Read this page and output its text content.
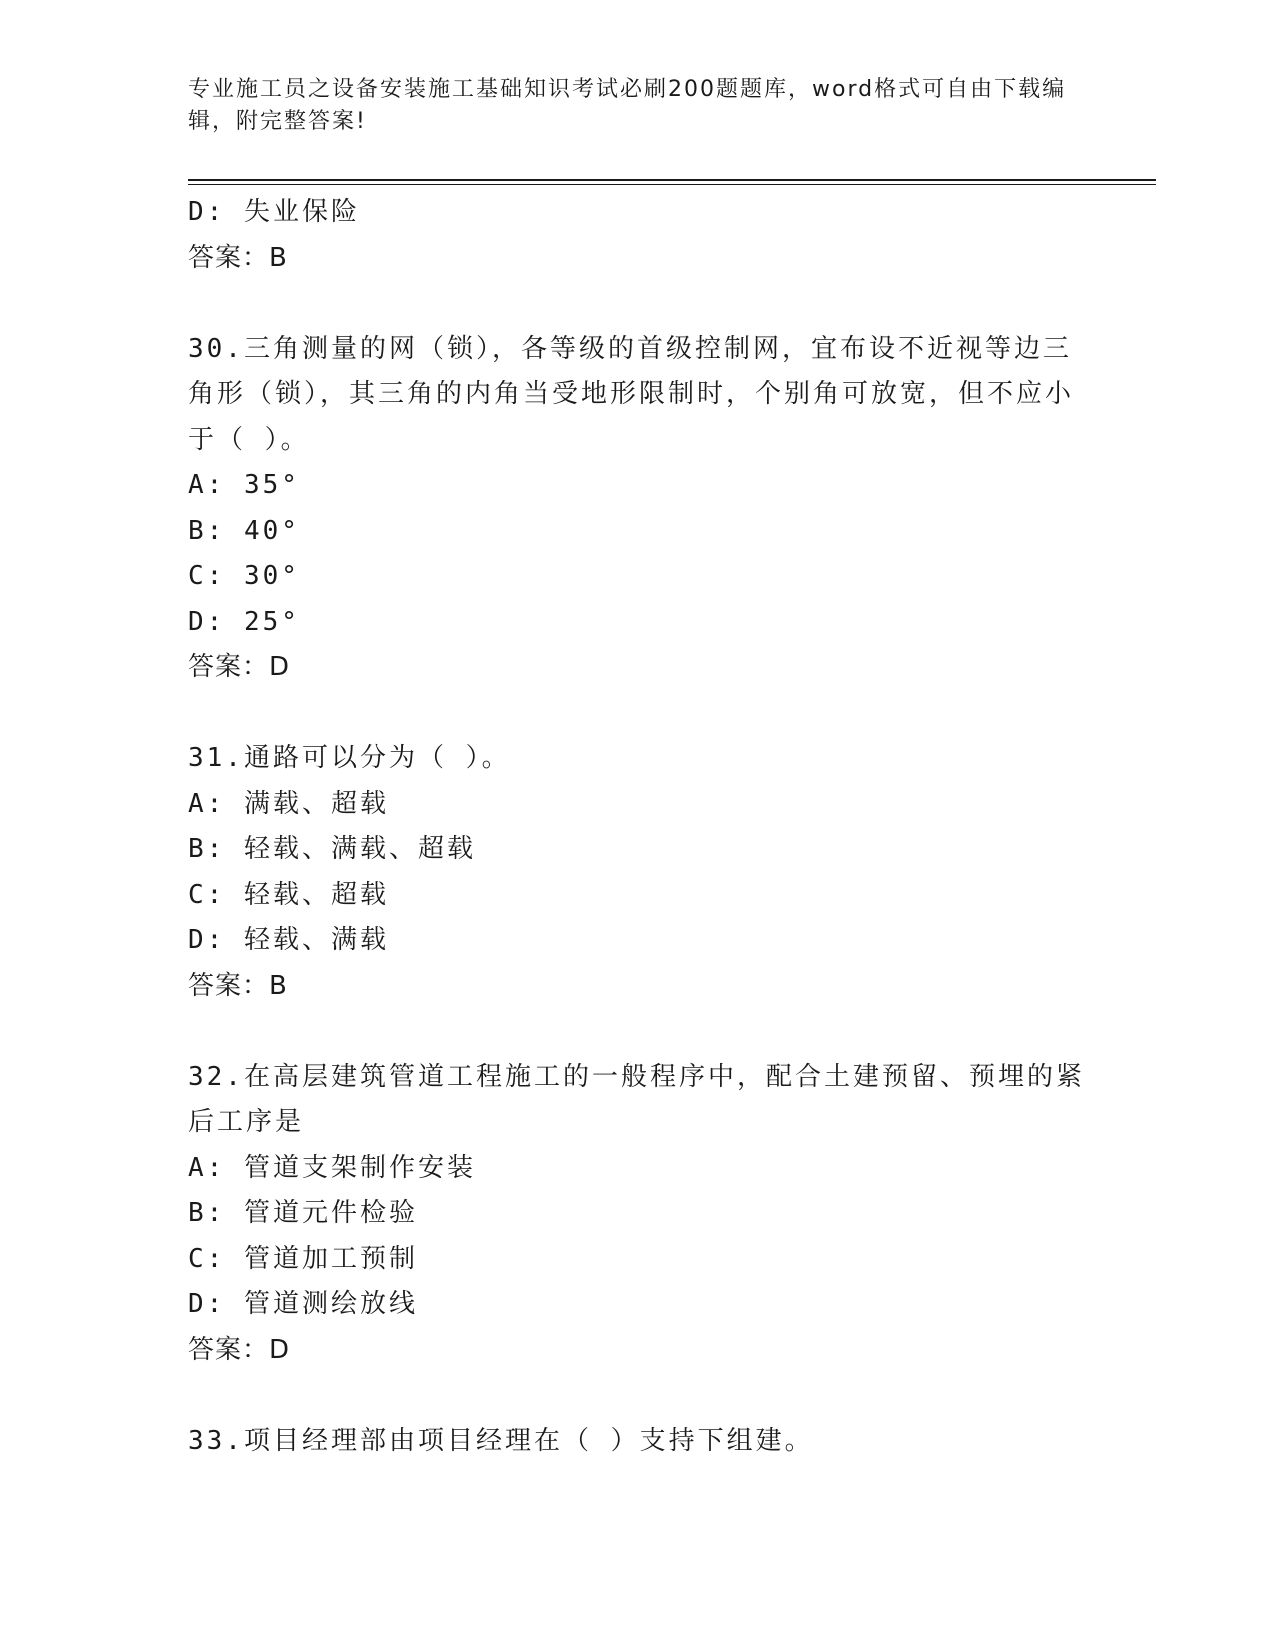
专业施工员之设备安装施工基础知识考试必刷200题题库，word格式可自由下载编辑，附完整答案!
D: 失业保险
答案：B
30.三角测量的网（锁），各等级的首级控制网，宜布设不近视等边三角形（锁），其三角的内角当受地形限制时，个别角可放宽，但不应小于（ ）。
A: 35°
B: 40°
C: 30°
D: 25°
答案：D
31.通路可以分为（ ）。
A: 满载、超载
B: 轻载、满载、超载
C: 轻载、超载
D: 轻载、满载
答案：B
32.在高层建筑管道工程施工的一般程序中，配合土建预留、预埋的紧后工序是
A: 管道支架制作安装
B: 管道元件检验
C: 管道加工预制
D: 管道测绘放线
答案：D
33.项目经理部由项目经理在（ ）支持下组建。
